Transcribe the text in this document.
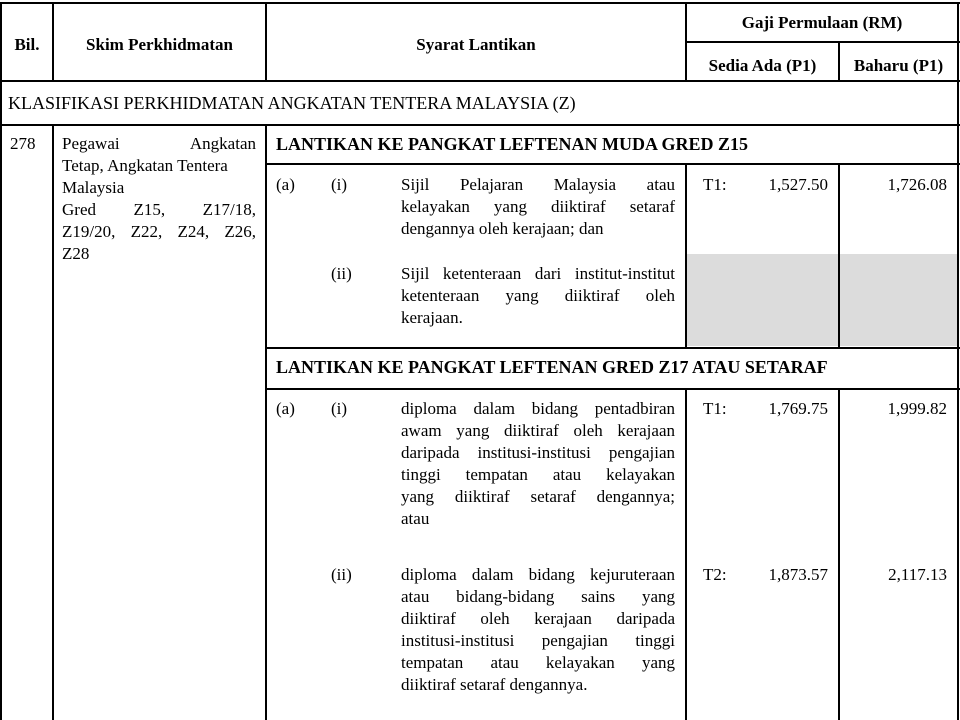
Bil.	Skim Perkhidmatan	Syarat Lantikan
Gaji Permulaan (RM)
Sedia Ada (P1)	Baharu (P1)
KLASIFIKASI PERKHIDMATAN ANGKATAN TENTERA MALAYSIA (Z)
278 Pegawai Angkatan
Tetap, Angkatan Tentera
Malaysia
Gred Z15, Z17/18,
Z19/20, Z22, Z24, Z26,
Z28
LANTIKAN KE PANGKAT LEFTENAN MUDA GRED Z15
(a) (i)	Sijil Pelajaran Malaysia atau
kelayakan yang diiktiraf setaraf
dengannya oleh kerajaan; dan
T1:	1,527.50	1,726.08
(ii)	Sijil ketenteraan dari institut-institut
ketenteraan yang diiktiraf oleh
kerajaan.
LANTIKAN KE PANGKAT LEFTENAN GRED Z17 ATAU SETARAF
(a) (i)	diploma dalam bidang pentadbiran
awam yang diiktiraf oleh kerajaan
daripada institusi-institusi pengajian
tinggi tempatan atau kelayakan
yang diiktiraf setaraf dengannya;
atau
T1:	1,769.75	1,999.82
(ii)	diploma dalam bidang kejuruteraan
atau bidang-bidang sains yang
diiktiraf oleh kerajaan daripada
institusi-institusi pengajian tinggi
tempatan atau kelayakan yang
diiktiraf setaraf dengannya.
T2:	1,873.57	2,117.13
